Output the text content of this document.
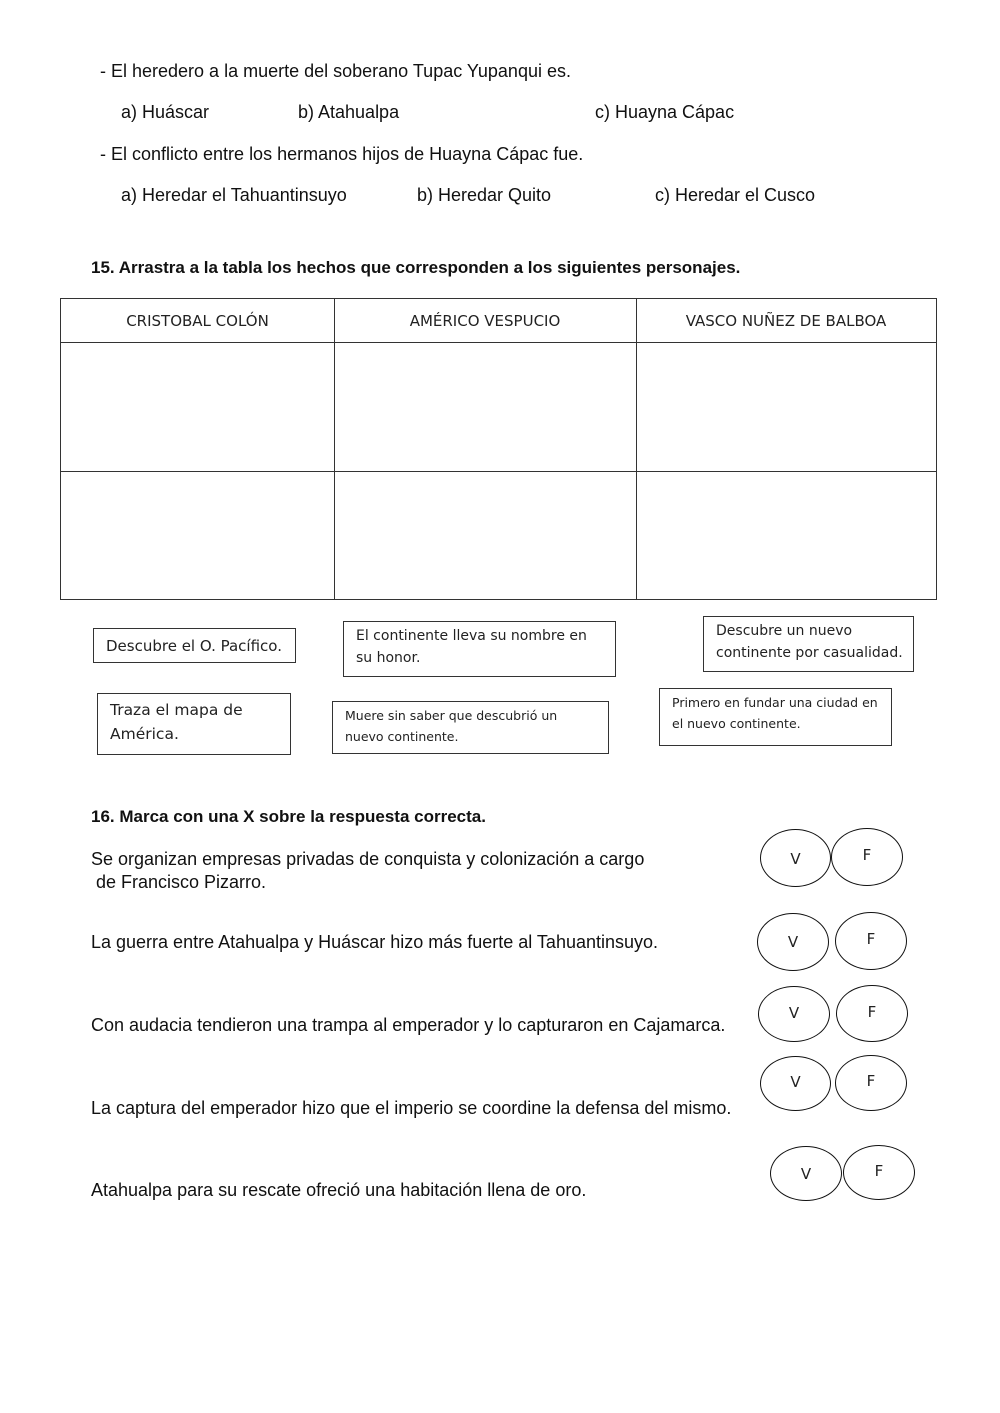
- El heredero a la muerte del soberano Tupac Yupanqui es.
a) Huáscar	b) Atahualpa	c) Huayna Cápac
- El conflicto entre los hermanos hijos de Huayna Cápac fue.
a) Heredar el Tahuantinsuyo	b) Heredar Quito	c) Heredar el Cusco
15. Arrastra a la tabla los hechos que corresponden a los siguientes personajes.
CRISTOBAL COLÓN	AMÉRICO VESPUCIO	VASCO NUÑEZ DE BALBOA
Descubre el O. Pacífico.
El continente lleva su nombre en su honor.
Descubre un nuevo continente por casualidad.
Traza el mapa de América.
Muere sin saber que descubrió un nuevo continente.
Primero en fundar una ciudad en el nuevo continente.
16. Marca con una X sobre la respuesta correcta.
Se organizan empresas privadas de conquista y colonización a cargo
de Francisco Pizarro.
La guerra entre Atahualpa y Huáscar hizo más fuerte al Tahuantinsuyo.
Con audacia tendieron una trampa al emperador y lo capturaron en Cajamarca.
La captura del emperador hizo que el imperio se coordine la defensa del mismo.
Atahualpa para su rescate ofreció una habitación llena de oro.
V	F
V	F
V	F
V	F
V	F
